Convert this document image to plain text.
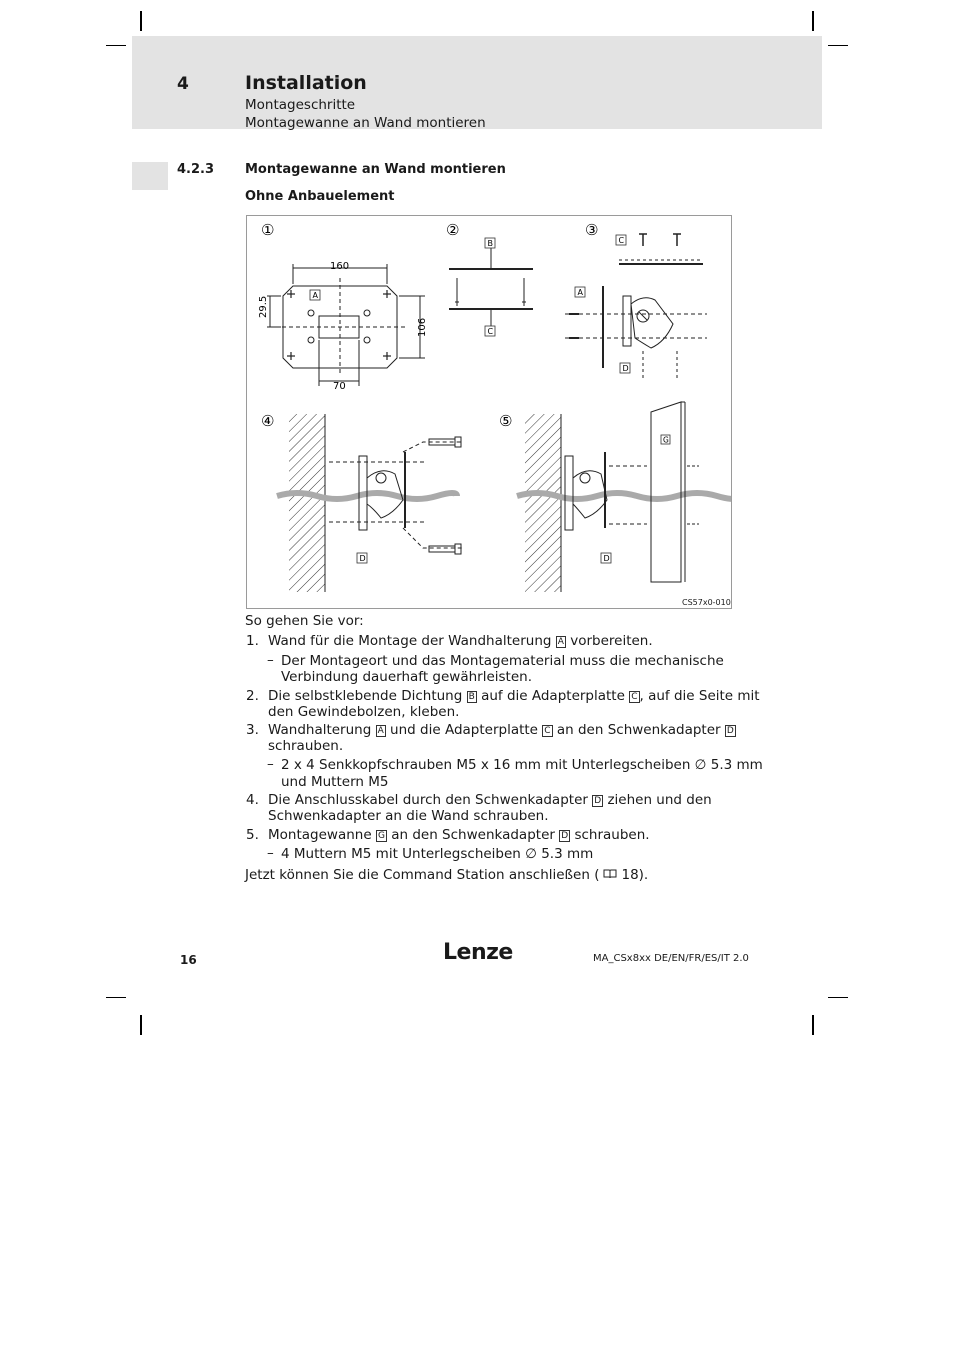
4	Installation
Montageschritte
Montagewanne an Wand montieren
4.2.3 Montagewanne an Wand montieren
Ohne Anbauelement
①	②	③
④	⑤
160
70
29.5
106
A
B
C
C
A
D
D
G
D
CS57x0-010
So gehen Sie vor:
1. Wand für die Montage der Wandhalterung A vorbereiten.
– Der Montageort und das Montagematerial muss die mechanische
Verbindung dauerhaft gewährleisten.
2. Die selbstklebende Dichtung B auf die Adapterplatte C , auf die Seite mit
den Gewindebolzen, kleben.
3. Wandhalterung A und die Adapterplatte C an den Schwenkadapter D
schrauben.
– 2 x 4 Senkkopfschrauben M5 x 16 mm mit Unterlegscheiben ∅ 5.3 mm
und Muttern M5
4. Die Anschlusskabel durch den Schwenkadapter D ziehen und den
Schwenkadapter an die Wand schrauben.
5. Montagewanne G an den Schwenkadapter D schrauben.
– 4 Muttern M5 mit Unterlegscheiben ∅ 5.3 mm
Jetzt können Sie die Command Station anschließen ( 18).
16	Lenze	MA_CSx8xx DE/EN/FR/ES/IT 2.0
